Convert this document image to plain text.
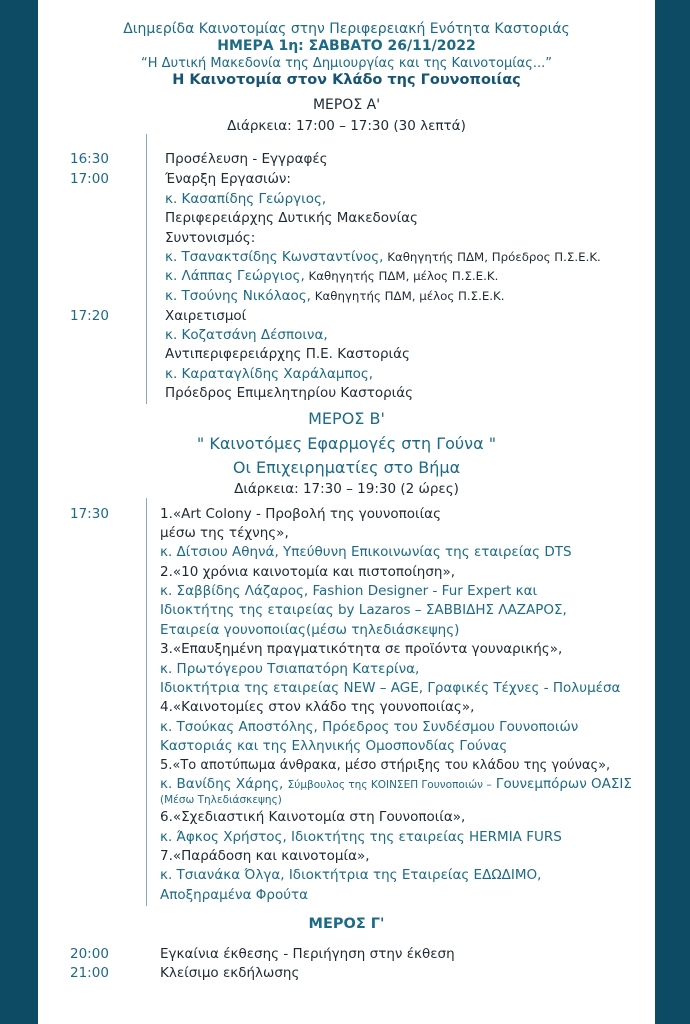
Διημερίδα Καινοτομίας στην Περιφερειακή Ενότητα Καστοριάς
ΗΜΕΡΑ 1η: ΣΑΒΒΑΤΟ 26/11/2022
“Η Δυτική Μακεδονία της Δημιουργίας και της Καινοτομίας...”
Η Καινοτομία στον Κλάδο της Γουνοποιίας
ΜΕΡΟΣ Α'
Διάρκεια: 17:00 – 17:30 (30 λεπτά)
16:30	Προσέλευση - Εγγραφές
17:00	Έναρξη Εργασιών:
κ. Κασαπίδης Γεώργιος,
Περιφερειάρχης Δυτικής Μακεδονίας
Συντονισμός:
κ. Τσανακτσίδης Κωνσταντίνος, Καθηγητής ΠΔΜ, Πρόεδρος Π.Σ.Ε.Κ.
κ. Λάππας Γεώργιος, Καθηγητής ΠΔΜ, μέλος Π.Σ.Ε.Κ.
κ. Τσούνης Νικόλαος, Καθηγητής ΠΔΜ, μέλος Π.Σ.Ε.Κ.
17:20	Χαιρετισμοί
κ. Κοζατσάνη Δέσποινα,
Αντιπεριφερειάρχης Π.Ε. Καστοριάς
κ. Καραταγλίδης Χαράλαμπος,
Πρόεδρος Επιμελητηρίου Καστοριάς
ΜΕΡΟΣ Β'
" Καινοτόμες Εφαρμογές στη Γούνα "
Οι Επιχειρηματίες στο Βήμα
Διάρκεια: 17:30 – 19:30 (2 ώρες)
17:30	1.«Art Colony - Προβολή της γουνοποιίας
μέσω της τέχνης»,
κ. Δίτσιου Αθηνά, Υπεύθυνη Επικοινωνίας της εταιρείας DTS
2.«10 χρόνια καινοτομία και πιστοποίηση»,
κ. Σαββίδης Λάζαρος, Fashion Designer - Fur Expert και
Ιδιοκτήτης της εταιρείας by Lazaros – ΣΑΒΒΙΔΗΣ ΛΑΖΑΡΟΣ,
Εταιρεία γουνοποιίας(μέσω τηλεδιάσκεψης)
3.«Επαυξημένη πραγματικότητα σε προϊόντα γουναρικής»,
κ. Πρωτόγερου Τσιαπατόρη Κατερίνα,
Ιδιοκτήτρια της εταιρείας NEW – AGE, Γραφικές Τέχνες - Πολυμέσα
4.«Καινοτομίες στον κλάδο της γουνοποιίας»,
κ. Τσούκας Αποστόλης, Πρόεδρος του Συνδέσμου Γουνοποιών
Καστοριάς και της Ελληνικής Ομοσπονδίας Γούνας
5.«Το αποτύπωμα άνθρακα, μέσο στήριξης του κλάδου της γούνας»,
κ. Βανίδης Χάρης, Σύμβουλος της ΚΟΙΝΣΕΠ Γουνοποιών – Γουνεμπόρων ΟΑΣΙΣ
(Μέσω Τηλεδιάσκεψης)
6.«Σχεδιαστική Καινοτομία στη Γουνοποιία»,
κ. Άφκος Χρήστος, Ιδιοκτήτης της εταιρείας HERMIA FURS
7.«Παράδοση και καινοτομία»,
κ. Τσιανάκα Όλγα, Ιδιοκτήτρια της Εταιρείας ΕΔΩΔΙΜΟ,
Αποξηραμένα Φρούτα
ΜΕΡΟΣ Γ'
20:00	Εγκαίνια έκθεσης - Περιήγηση στην έκθεση
21:00	Κλείσιμο εκδήλωσης
